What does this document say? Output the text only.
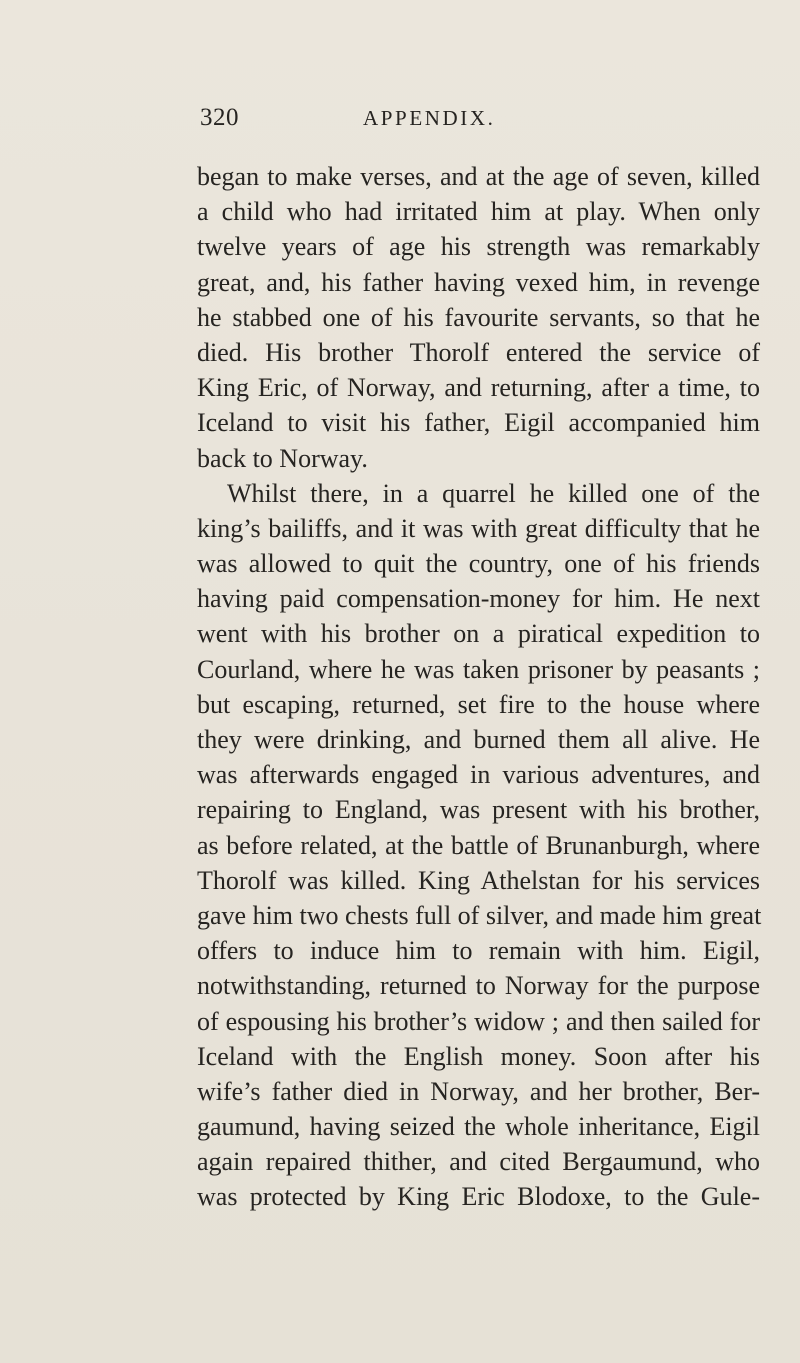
320	APPENDIX.
began to make verses, and at the age of seven, killed
a child who had irritated him at play. When only
twelve years of age his strength was remarkably
great, and, his father having vexed him, in revenge
he stabbed one of his favourite servants, so that he
died. His brother Thorolf entered the service of
King Eric, of Norway, and returning, after a time, to
Iceland to visit his father, Eigil accompanied him
back to Norway.
Whilst there, in a quarrel he killed one of the
king’s bailiffs, and it was with great difficulty that he
was allowed to quit the country, one of his friends
having paid compensation-money for him. He next
went with his brother on a piratical expedition to
Courland, where he was taken prisoner by peasants ;
but escaping, returned, set fire to the house where
they were drinking, and burned them all alive. He
was afterwards engaged in various adventures, and
repairing to England, was present with his brother,
as before related, at the battle of Brunanburgh, where
Thorolf was killed. King Athelstan for his services
gave him two chests full of silver, and made him great
offers to induce him to remain with him. Eigil,
notwithstanding, returned to Norway for the purpose
of espousing his brother’s widow ; and then sailed for
Iceland with the English money. Soon after his
wife’s father died in Norway, and her brother, Ber-
gaumund, having seized the whole inheritance, Eigil
again repaired thither, and cited Bergaumund, who
was protected by King Eric Blodoxe, to the Gule-
